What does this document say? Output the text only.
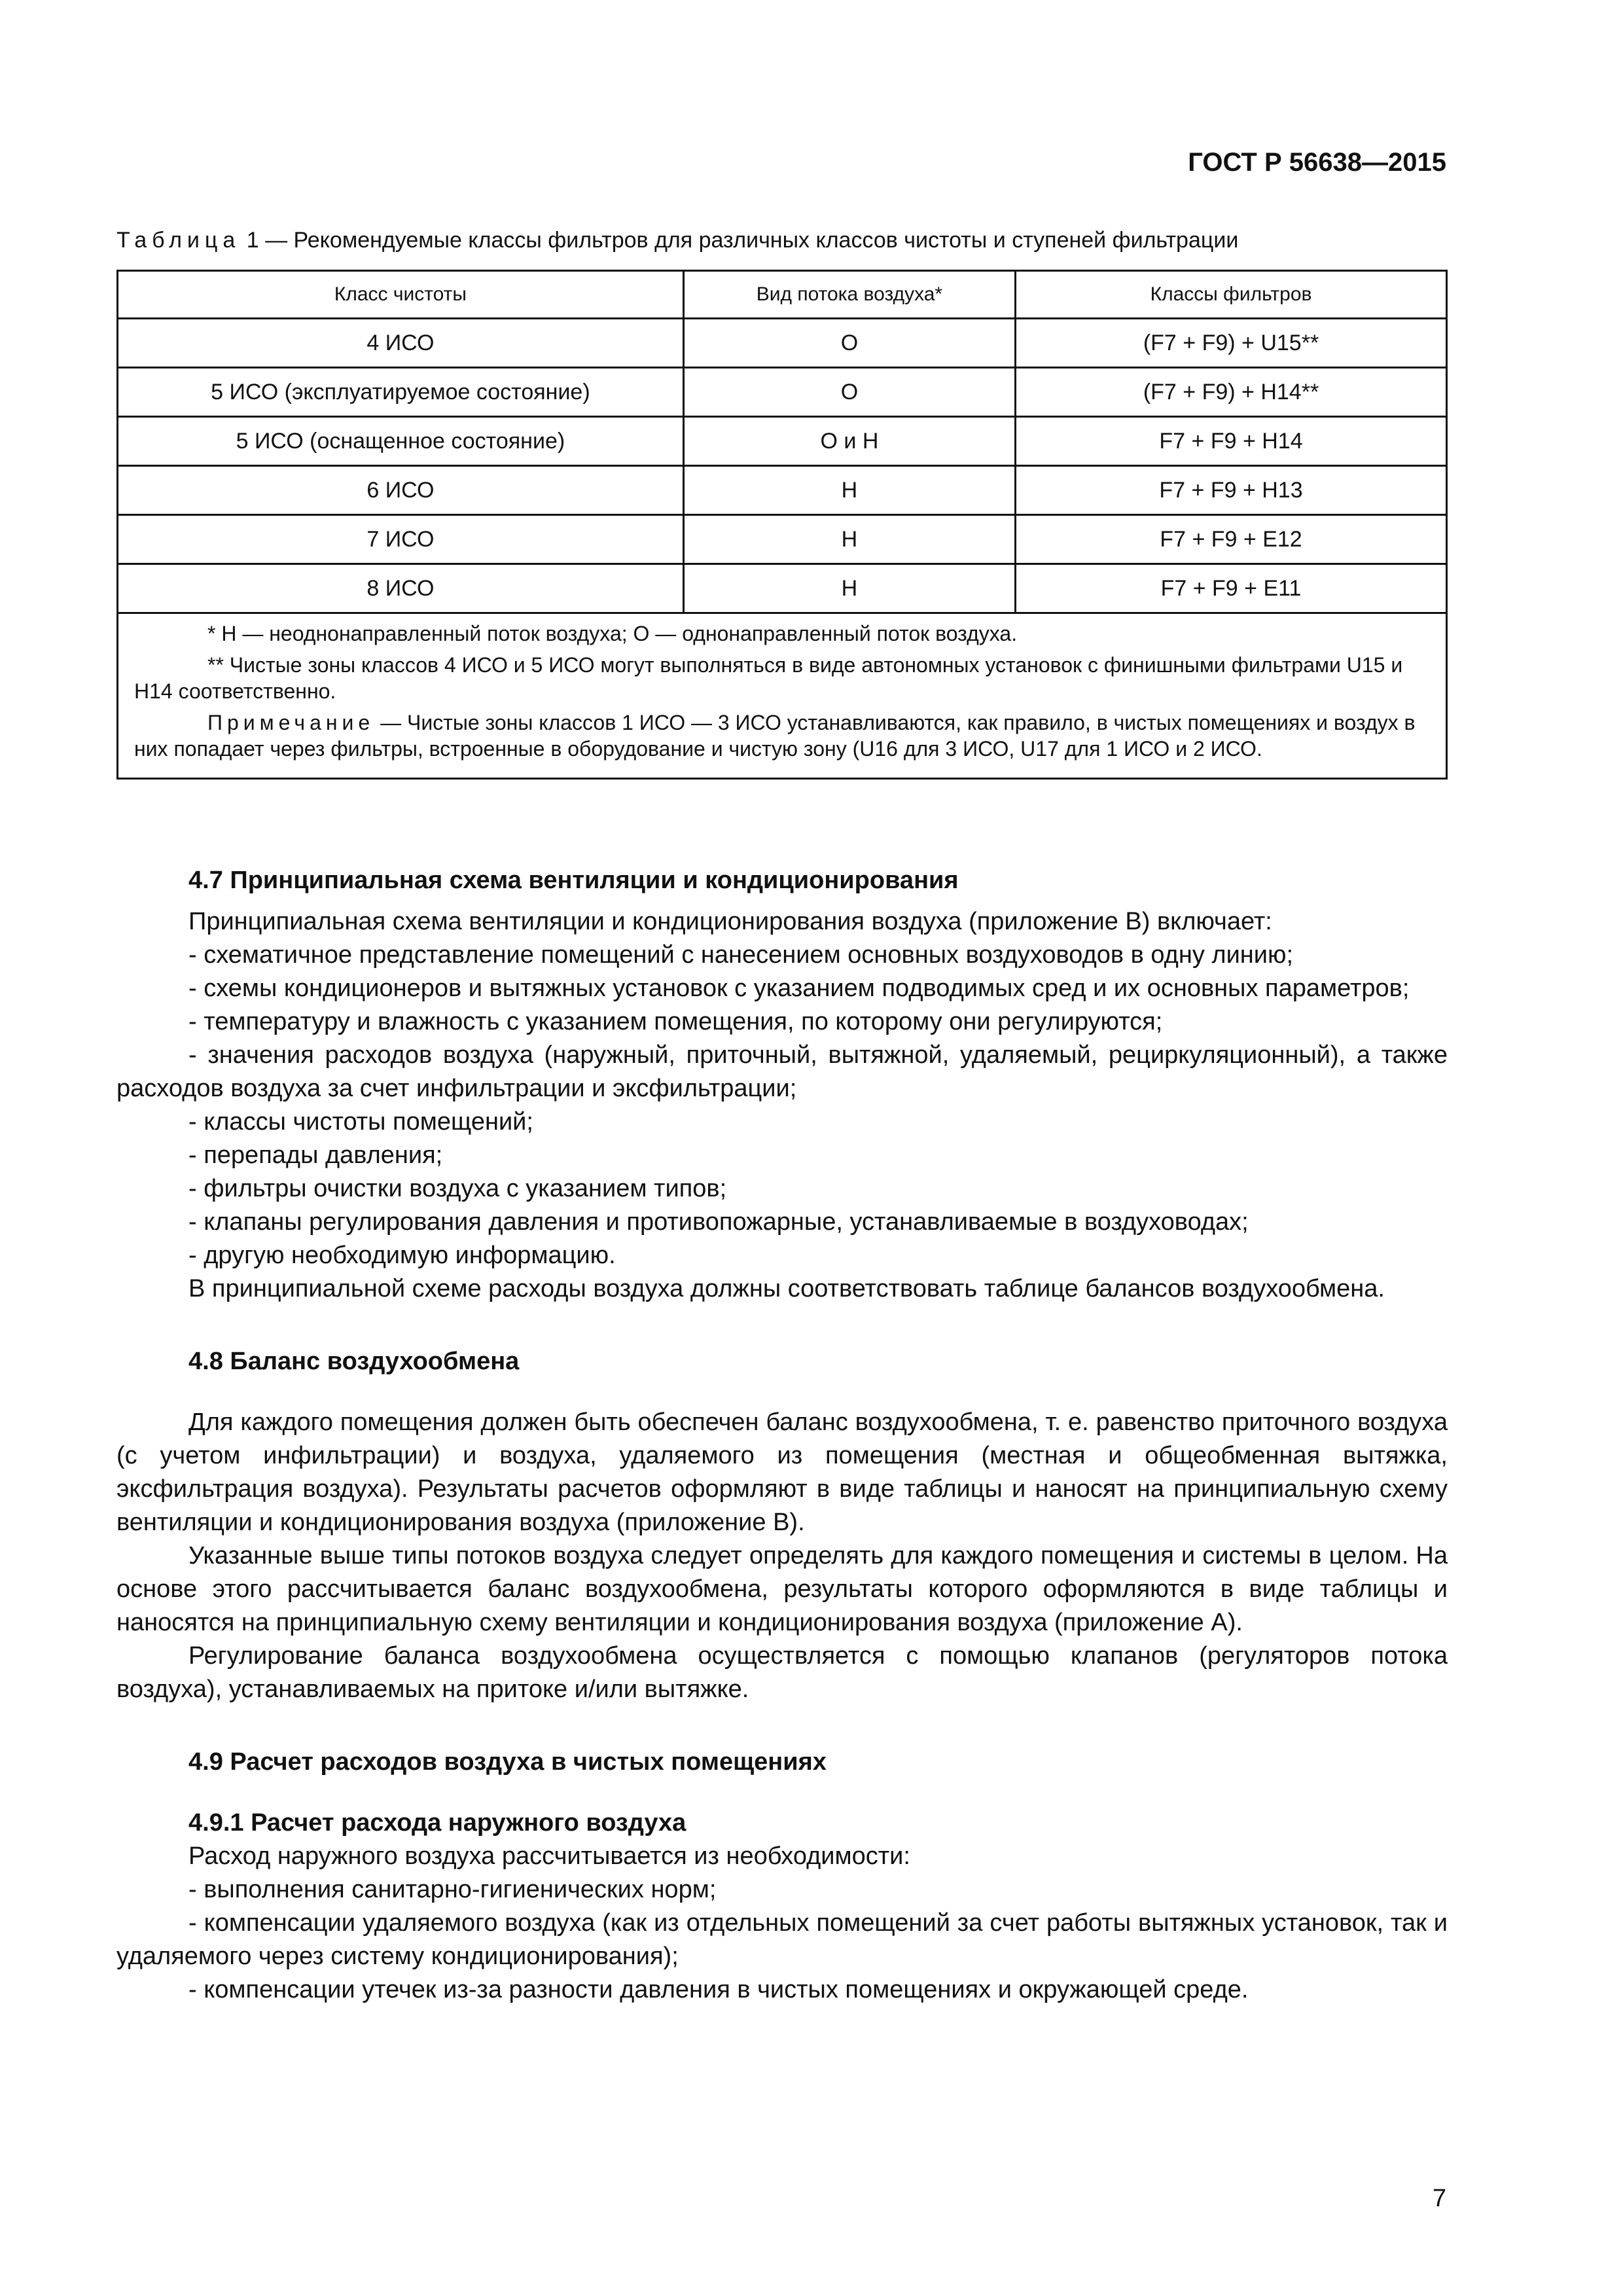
ГОСТ Р 56638—2015
Таблица 1 — Рекомендуемые классы фильтров для различных классов чистоты и ступеней фильтрации
Класс чистоты	Вид потока воздуха*	Классы фильтров
4 ИСО	О	(F7 + F9) + U15**
5 ИСО (эксплуатируемое состояние)	О	(F7 + F9) + H14**
5 ИСО (оснащенное состояние)	О и Н	F7 + F9 + H14
6 ИСО	Н	F7 + F9 + H13
7 ИСО	Н	F7 + F9 + E12
8 ИСО	Н	F7 + F9 + E11

* Н — неоднонаправленный поток воздуха; О — однонаправленный поток воздуха.

** Чистые зоны классов 4 ИСО и 5 ИСО могут выполняться в виде автономных установок с финишными фильтрами U15 и H14 соответственно.

Примечание — Чистые зоны классов 1 ИСО — 3 ИСО устанавливаются, как правило, в чистых помещениях и воздух в них попадает через фильтры, встроенные в оборудование и чистую зону (U16 для 3 ИСО, U17 для 1 ИСО и 2 ИСО.		

4.7 Принципиальная схема вентиляции и кондиционирования

Принципиальная схема вентиляции и кондиционирования воздуха (приложение В) включает:

- схематичное представление помещений с нанесением основных воздуховодов в одну линию;

- схемы кондиционеров и вытяжных установок с указанием подводимых сред и их основных параметров;

- температуру и влажность с указанием помещения, по которому они регулируются;

- значения расходов воздуха (наружный, приточный, вытяжной, удаляемый, рециркуляционный), а также расходов воздуха за счет инфильтрации и эксфильтрации;

- классы чистоты помещений;

- перепады давления;

- фильтры очистки воздуха с указанием типов;

- клапаны регулирования давления и противопожарные, устанавливаемые в воздуховодах;

- другую необходимую информацию.

В принципиальной схеме расходы воздуха должны соответствовать таблице балансов воздухообмена.

4.8 Баланс воздухообмена

Для каждого помещения должен быть обеспечен баланс воздухообмена, т. е. равенство приточного воздуха (с учетом инфильтрации) и воздуха, удаляемого из помещения (местная и общеобменная вытяжка, эксфильтрация воздуха). Результаты расчетов оформляют в виде таблицы и наносят на принципиальную схему вентиляции и кондиционирования воздуха (приложение В).

Указанные выше типы потоков воздуха следует определять для каждого помещения и системы в целом. На основе этого рассчитывается баланс воздухообмена, результаты которого оформляются в виде таблицы и наносятся на принципиальную схему вентиляции и кондиционирования воздуха (приложение А).

Регулирование баланса воздухообмена осуществляется с помощью клапанов (регуляторов потока воздуха), устанавливаемых на притоке и/или вытяжке.

4.9 Расчет расходов воздуха в чистых помещениях

4.9.1 Расчет расхода наружного воздуха

Расход наружного воздуха рассчитывается из необходимости:

- выполнения санитарно-гигиенических норм;

- компенсации удаляемого воздуха (как из отдельных помещений за счет работы вытяжных установок, так и удаляемого через систему кондиционирования);

- компенсации утечек из-за разности давления в чистых помещениях и окружающей среде.

7
